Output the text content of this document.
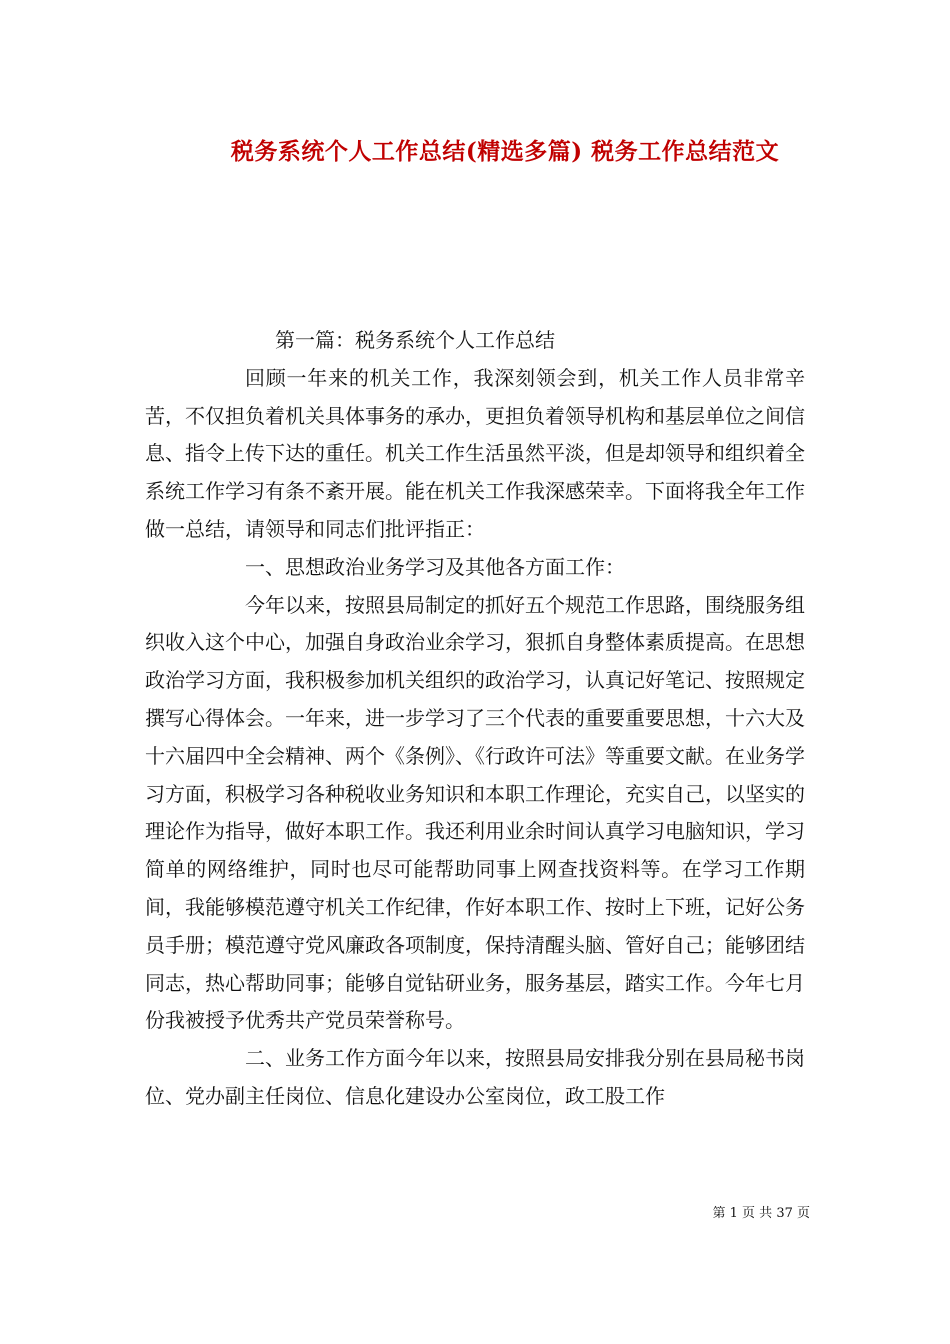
税务系统个人工作总结(精选多篇) 税务工作总结范文

第一篇：税务系统个人工作总结

回顾一年来的机关工作，我深刻领会到，机关工作人员非常辛苦，不仅担负着机关具体事务的承办，更担负着领导机构和基层单位之间信息、指令上传下达的重任。机关工作生活虽然平淡，但是却领导和组织着全系统工作学习有条不紊开展。能在机关工作我深感荣幸。下面将我全年工作做一总结，请领导和同志们批评指正：

一、思想政治业务学习及其他各方面工作：

今年以来，按照县局制定的抓好五个规范工作思路，围绕服务组织收入这个中心，加强自身政治业余学习，狠抓自身整体素质提高。在思想政治学习方面，我积极参加机关组织的政治学习，认真记好笔记、按照规定撰写心得体会。一年来，进一步学习了三个代表的重要重要思想，十六大及十六届四中全会精神、两个《条例》、《行政许可法》等重要文献。在业务学习方面，积极学习各种税收业务知识和本职工作理论，充实自己，以坚实的理论作为指导，做好本职工作。我还利用业余时间认真学习电脑知识，学习简单的网络维护，同时也尽可能帮助同事上网查找资料等。在学习工作期间，我能够模范遵守机关工作纪律，作好本职工作、按时上下班，记好公务员手册；模范遵守党风廉政各项制度，保持清醒头脑、管好自己；能够团结同志，热心帮助同事；能够自觉钻研业务，服务基层，踏实工作。今年七月份我被授予优秀共产党员荣誉称号。

二、业务工作方面今年以来，按照县局安排我分别在县局秘书岗位、党办副主任岗位、信息化建设办公室岗位，政工股工作

第 1 页 共 37 页
